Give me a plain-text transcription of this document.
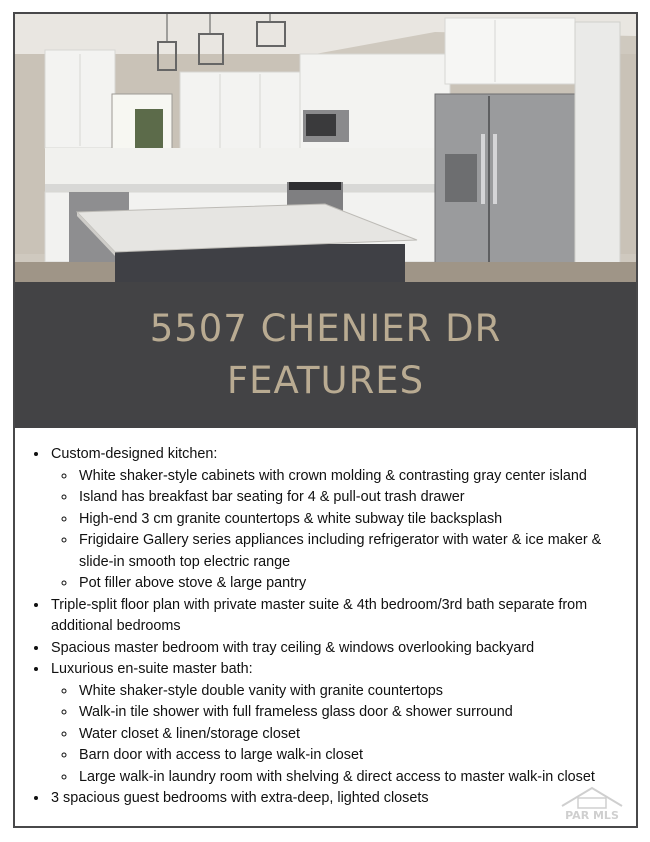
5507 CHENIER DR
FEATURES
• Custom-designed kitchen:
◦ White shaker-style cabinets with crown molding & contrasting gray center island
◦ Island has breakfast bar seating for 4 & pull-out trash drawer
◦ High-end 3 cm granite countertops & white subway tile backsplash
◦ Frigidaire Gallery series appliances including refrigerator with water & ice maker & slide-in smooth top electric range
◦ Pot filler above stove & large pantry
• Triple-split floor plan with private master suite & 4th bedroom/3rd bath separate from additional bedrooms
• Spacious master bedroom with tray ceiling & windows overlooking backyard
• Luxurious en-suite master bath:
◦ White shaker-style double vanity with granite countertops
◦ Walk-in tile shower with full frameless glass door & shower surround
◦ Water closet & linen/storage closet
◦ Barn door with access to large walk-in closet
◦ Large walk-in laundry room with shelving & direct access to master walk-in closet
• 3 spacious guest bedrooms with extra-deep, lighted closets
PAR MLS
